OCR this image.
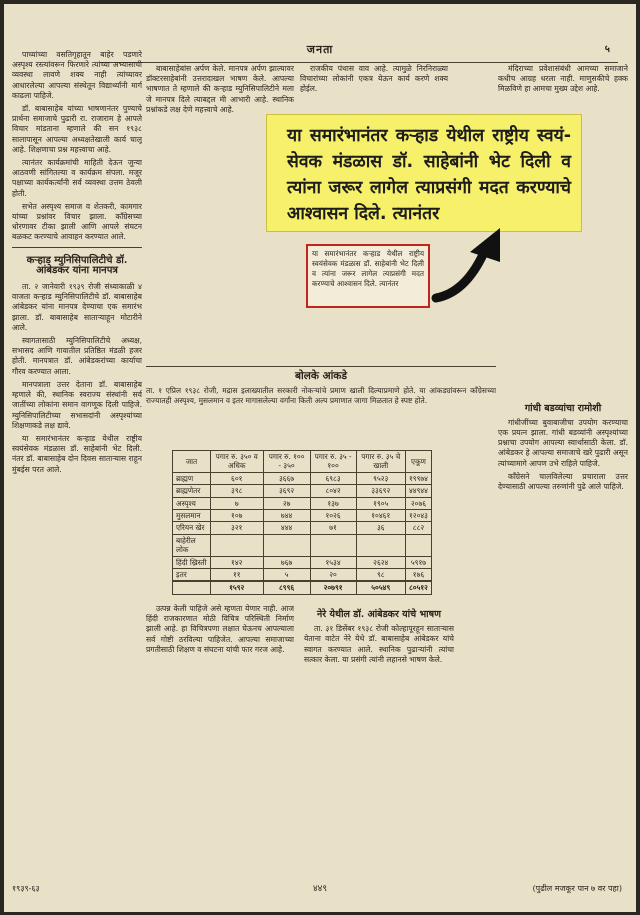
जनता	५

पाच्यांच्या वसतिगृहातून बाहेर पडणारे अस्पृश्य रस्त्यांवरून फिरणारे त्यांच्या अभ्यासाची व्यवस्था लावणे शक्य नाही त्यांच्यावर आधारलेल्या आपल्या संस्थेतून विद्यार्थ्यांनी मार्ग काढला पाहिजे.

डॉ. बाबासाहेब यांच्या भाषणानंतर पुण्याचे प्रार्थना समाजाचे पुढारी रा. राजाराम हे आपले विचार मांडताना म्हणाले की सन १९३८ सालापासून आपल्या अध्यक्षतेखाली कार्य चालू आहे. शिक्षणाचा प्रश्न महत्त्वाचा आहे.

त्यानंतर कार्यक्रमांची माहिती देऊन जुन्या आठवणी सांगितल्या व कार्यक्रम संपला. मजूर पक्षाच्या कार्यकर्त्यांनी सर्व व्यवस्था उत्तम ठेवली होती.

सभेत अस्पृश्य समाज व शेतकरी, कामगार यांच्या प्रश्नांवर विचार झाला. काँग्रेसच्या धोरणावर टीका झाली आणि आपले संघटन बळकट करण्याचे आवाहन करण्यात आले.

कऱ्हाड म्युनिसिपालिटीचे डॉ. आंबेडकर यांना मानपत्र

ता. २ जानेवारी १९३९ रोजी संध्याकाळी ४ वाजता कऱ्हाड म्युनिसिपालिटीचे डॉ. बाबासाहेब आंबेडकर यांना मानपत्र देण्याचा एक समारंभ झाला. डॉ. बाबासाहेब साताऱ्याहून मोटारीने आले.

स्वागतासाठी म्युनिसिपालिटीचे अध्यक्ष, सभासद आणि गावातील प्रतिष्ठित मंडळी हजर होती. मानपत्रात डॉ. आंबेडकरांच्या कार्याचा गौरव करण्यात आला.

मानपत्राला उत्तर देताना डॉ. बाबासाहेब म्हणाले की, स्थानिक स्वराज्य संस्थांनी सर्व जातींच्या लोकांना समान वागणूक दिली पाहिजे. म्युनिसिपालिटीच्या सभासदांनी अस्पृश्यांच्या शिक्षणाकडे लक्ष द्यावे.

या समारंभानंतर कऱ्हाड येथील राष्ट्रीय स्वयंसेवक मंडळास डॉ. साहेबांनी भेट दिली. नंतर डॉ. बाबासाहेब दोन दिवस साताऱ्यास राहून मुंबईस परत आले.

बाबासाहेबांस अर्पण केले. मानपत्र अर्पण झाल्यावर डॉक्टरसाहेबांनी उत्तरादाखल भाषण केले. आपल्या भाषणात ते म्हणाले की कऱ्हाड म्युनिसिपालिटीने मला जे मानपत्र दिले त्याबद्दल मी आभारी आहे. स्थानिक प्रश्नांकडे लक्ष देणे महत्त्वाचे आहे.

राजकीय पंथास वाव आहे. त्यामुळे निरनिराळ्या विचारांच्या लोकांनी एकत्र येऊन कार्य करणे शक्य होईल.

मंदिराच्या प्रवेशासंबंधी आमच्या समाजाने कधीच आग्रह धरला नाही. माणुसकीचे हक्क मिळविणे हा आमचा मुख्य उद्देश आहे.

गांधी बडव्यांचा रामोशी

गांधीजींच्या बुवाबाजीचा उपयोग करण्याचा एक प्रयत्न झाला. गांधी बडव्यांनी अस्पृश्यांच्या प्रश्नाचा उपयोग आपल्या स्वार्थासाठी केला. डॉ. आंबेडकर हे आपल्या समाजाचे खरे पुढारी असून त्यांच्यामागे आपण उभे राहिले पाहिजे.

काँग्रेसने चालविलेल्या प्रचाराला उत्तर देण्यासाठी आपल्या तरुणांनी पुढे आले पाहिजे.

बोलके आंकडे
ता. १ एप्रिल १९३८ रोजी, मद्रास इलाख्यातील सरकारी नोकऱ्यांचे प्रमाण खाली दिल्याप्रमाणे होते. या आंकड्यांवरून काँग्रेसच्या राज्यातही अस्पृश्य, मुसलमान व इतर मागासलेल्या वर्गांना किती अल्प प्रमाणात जागा मिळतात हे स्पष्ट होते.
जात	पगार रु. ३५० व अधिक	पगार रु. १०० - ३५०	पगार रु. ३५ - १००	पगार रु. ३५ चे खाली	एकूण
ब्राह्मण	६०१	३६६७	६९८३	९५२३	१९९७४
ब्राह्मणेतर	३९८	३६९२	८०४२	३३६९२	४४९४४
अस्पृश्य	७	२७	१३७	१९०५	२०७६
मुसलमान	१०७	७४४	१०२६	१०४६१	१२०४३
एरियन खेर	३२१	४४४	७१	३६	८८२
बाहेरील लोक					
हिंदी ख्रिस्ती	१४२	७६७	१५३४	२६२४	५९१७
इतर	११	५	२०	९८	१७६
	१५९२	८९९६	२०७९१	५०५४९	८०५१२

उत्पन्न केली पाहिजे असे म्हणता येणार नाही. आज हिंदी राजकारणात मोठी विचित्र परिस्थिती निर्माण झाली आहे. हा विचित्रपणा लक्षात घेऊनच आपल्याला सर्व गोष्टी ठरविल्या पाहिजेत. आपल्या समाजाच्या प्रगतीसाठी शिक्षण व संघटना यांची फार गरज आहे.

नेरे येथील डॉ. आंबेडकर यांचे भाषण

ता. ३१ डिसेंबर १९३८ रोजी कोल्हापूरहून साताऱ्यास येताना वाटेत नेरे येथे डॉ. बाबासाहेब आंबेडकर यांचे स्वागत करण्यात आले. स्थानिक पुढाऱ्यांनी त्यांचा सत्कार केला. या प्रसंगी त्यांनी लहानसे भाषण केले.

या समारंभानंतर कऱ्हाड येथील राष्ट्रीय स्वयं-सेवक मंडळास डॉ. साहेबांनी भेट दिली व त्यांना जरूर लागेल त्याप्रसंगी मदत करण्याचे आश्वासन दिले. त्यानंतर
या समारंभानंतर कऱ्हाड येथील राष्ट्रीय स्वयंसेवक मंडळास डॉ. साहेबांनी भेट दिली व त्यांना जरूर लागेल त्याप्रसंगी मदत करण्याचे आश्वासन दिले. त्यानंतर
१९३९-६३	४४९	(पुढील मजकूर पान ७ वर पहा)
